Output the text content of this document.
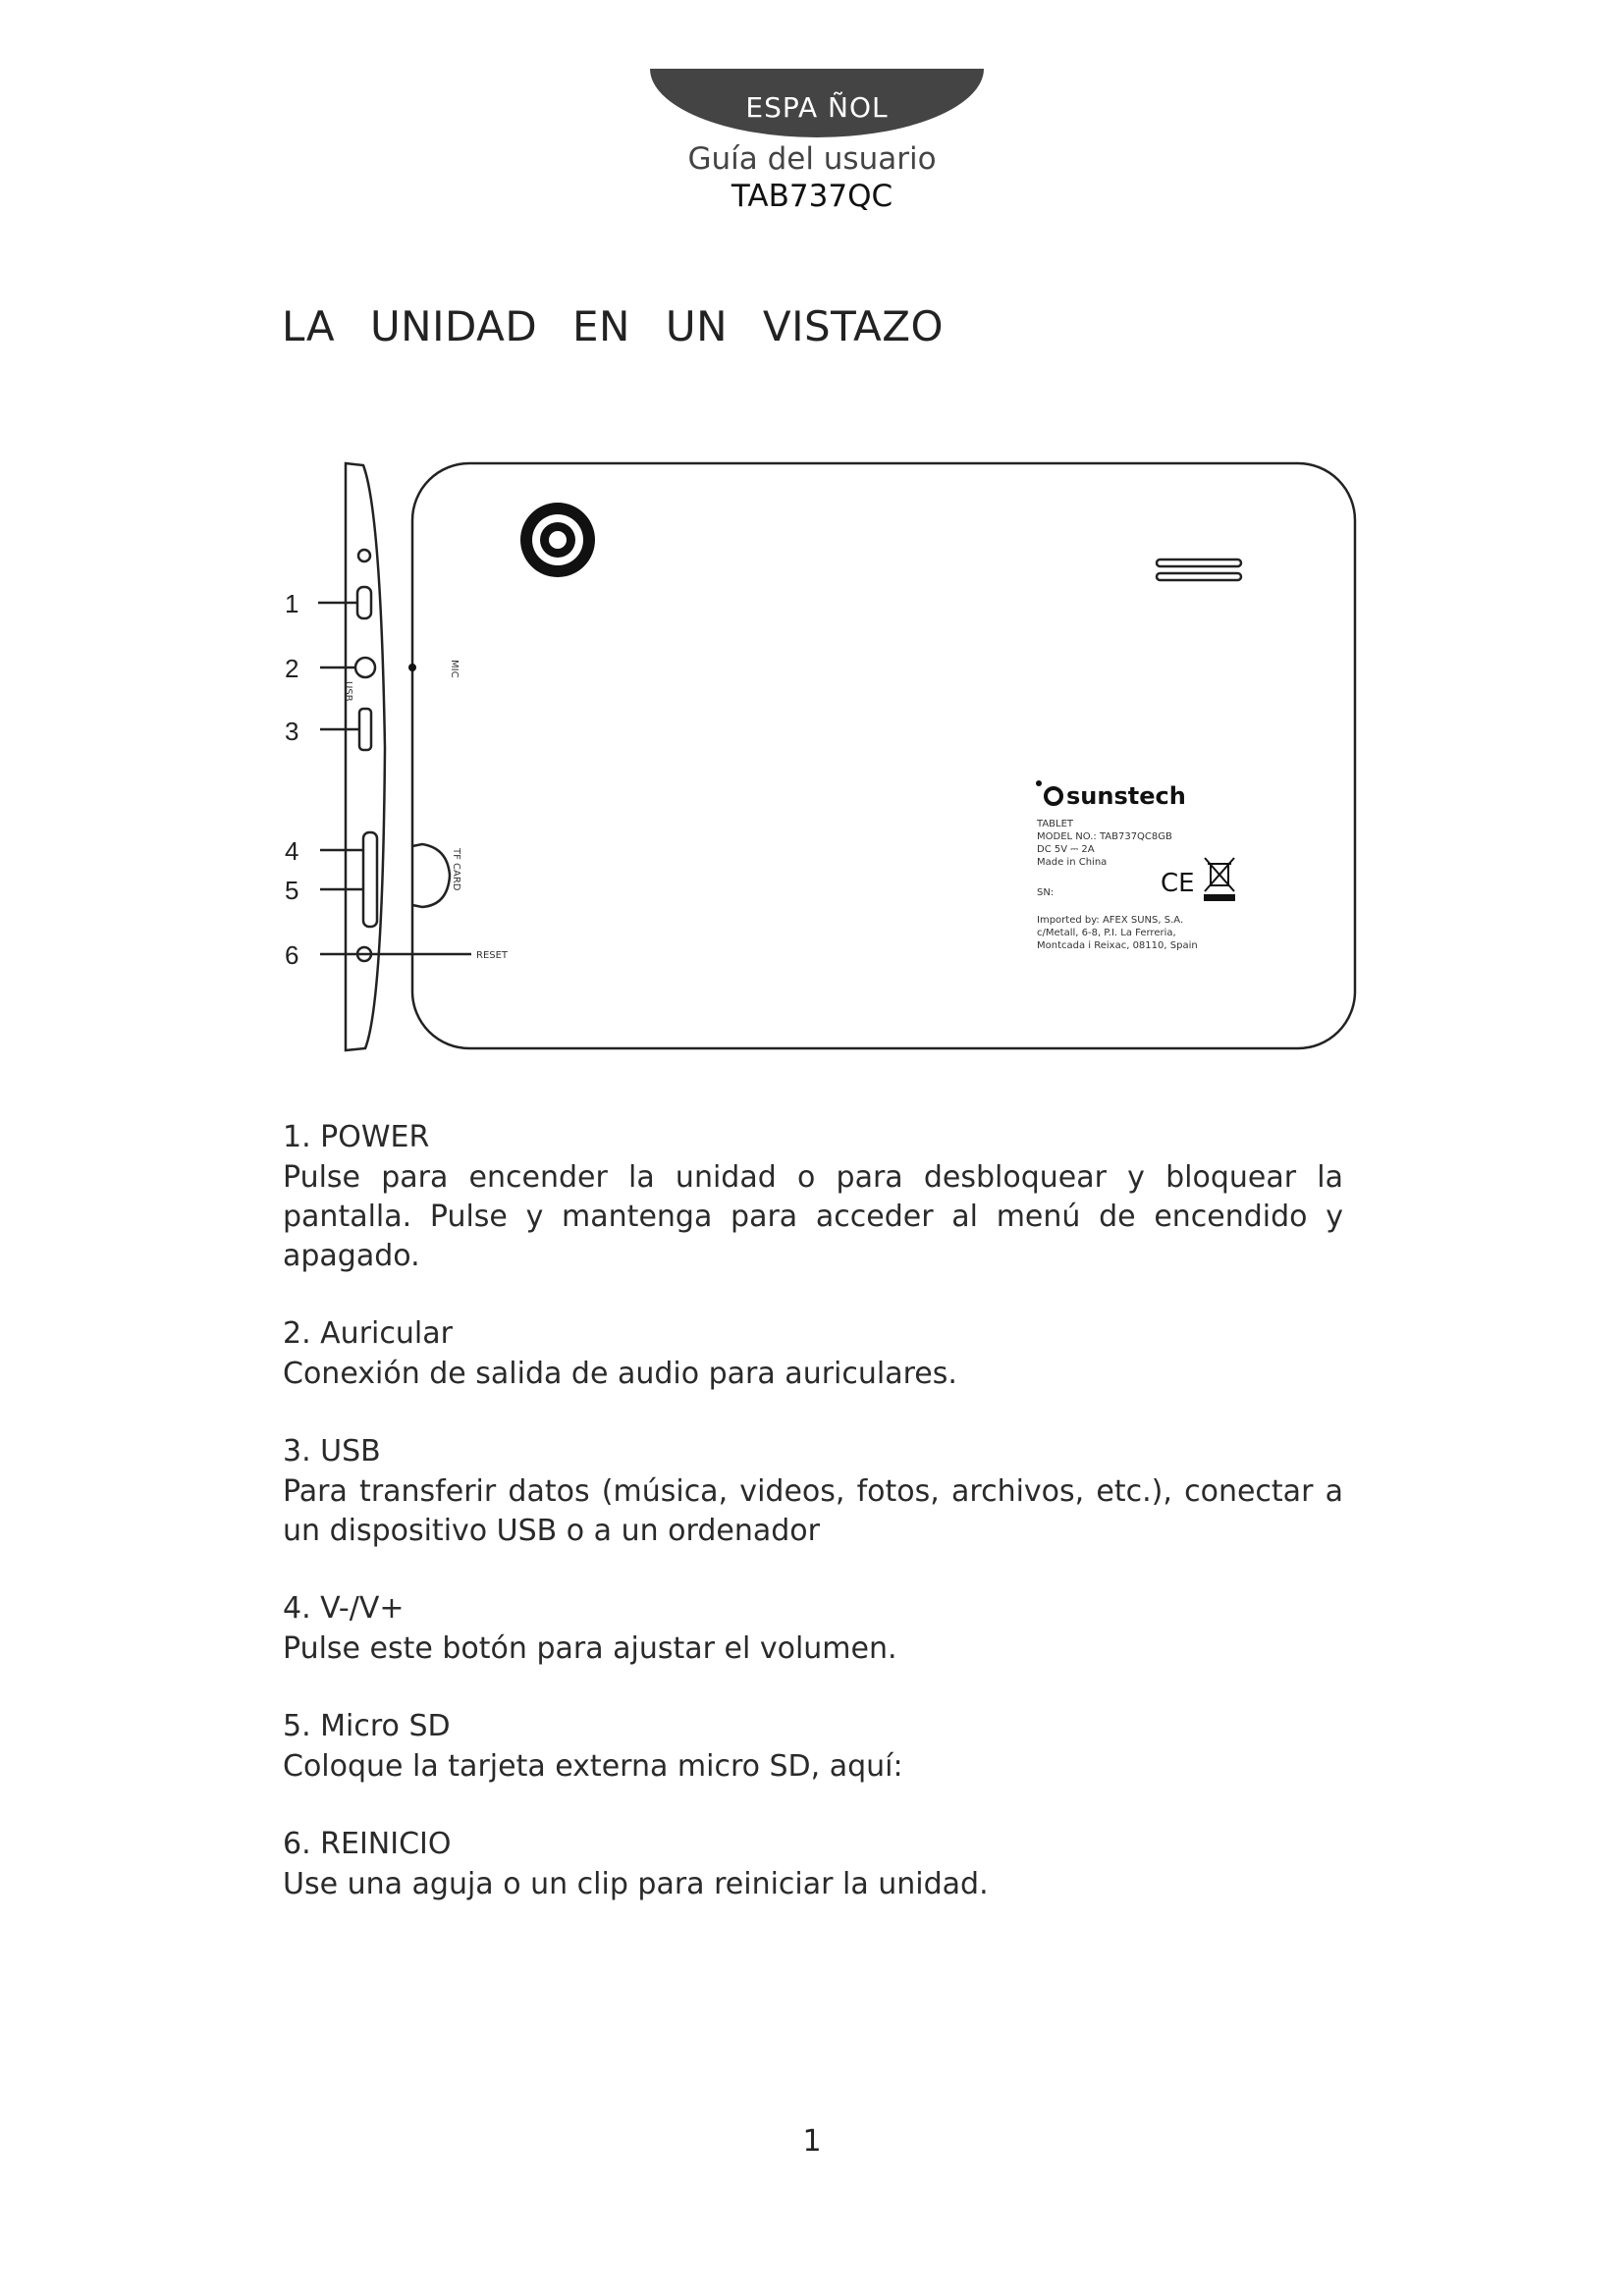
ESPA ÑOL
Guía del usuario
TAB737QC
LA UNIDAD EN UN VISTAZO
1
2
3
4
5
6
MIC
USB
TF CARD
RESET
sunstech
TABLET
MODEL NO.: TAB737QC8GB
DC 5V ⎓ 2A
Made in China
SN:
Imported by: AFEX SUNS, S.A.
c/Metall, 6-8, P.I. La Ferreria,
Montcada i Reixac, 08110, Spain
CE
1. POWER
Pulse para encender la unidad o para desbloquear y bloquear la pantalla. Pulse y mantenga para acceder al menú de encendido y apagado.
2. Auricular
Conexión de salida de audio para auriculares.
3. USB
Para transferir datos (música, videos, fotos, archivos, etc.), conectar a un dispositivo USB o a un ordenador
4. V-/V+
Pulse este botón para ajustar el volumen.
5. Micro SD
Coloque la tarjeta externa micro SD, aquí:
6. REINICIO
Use una aguja o un clip para reiniciar la unidad.
1
